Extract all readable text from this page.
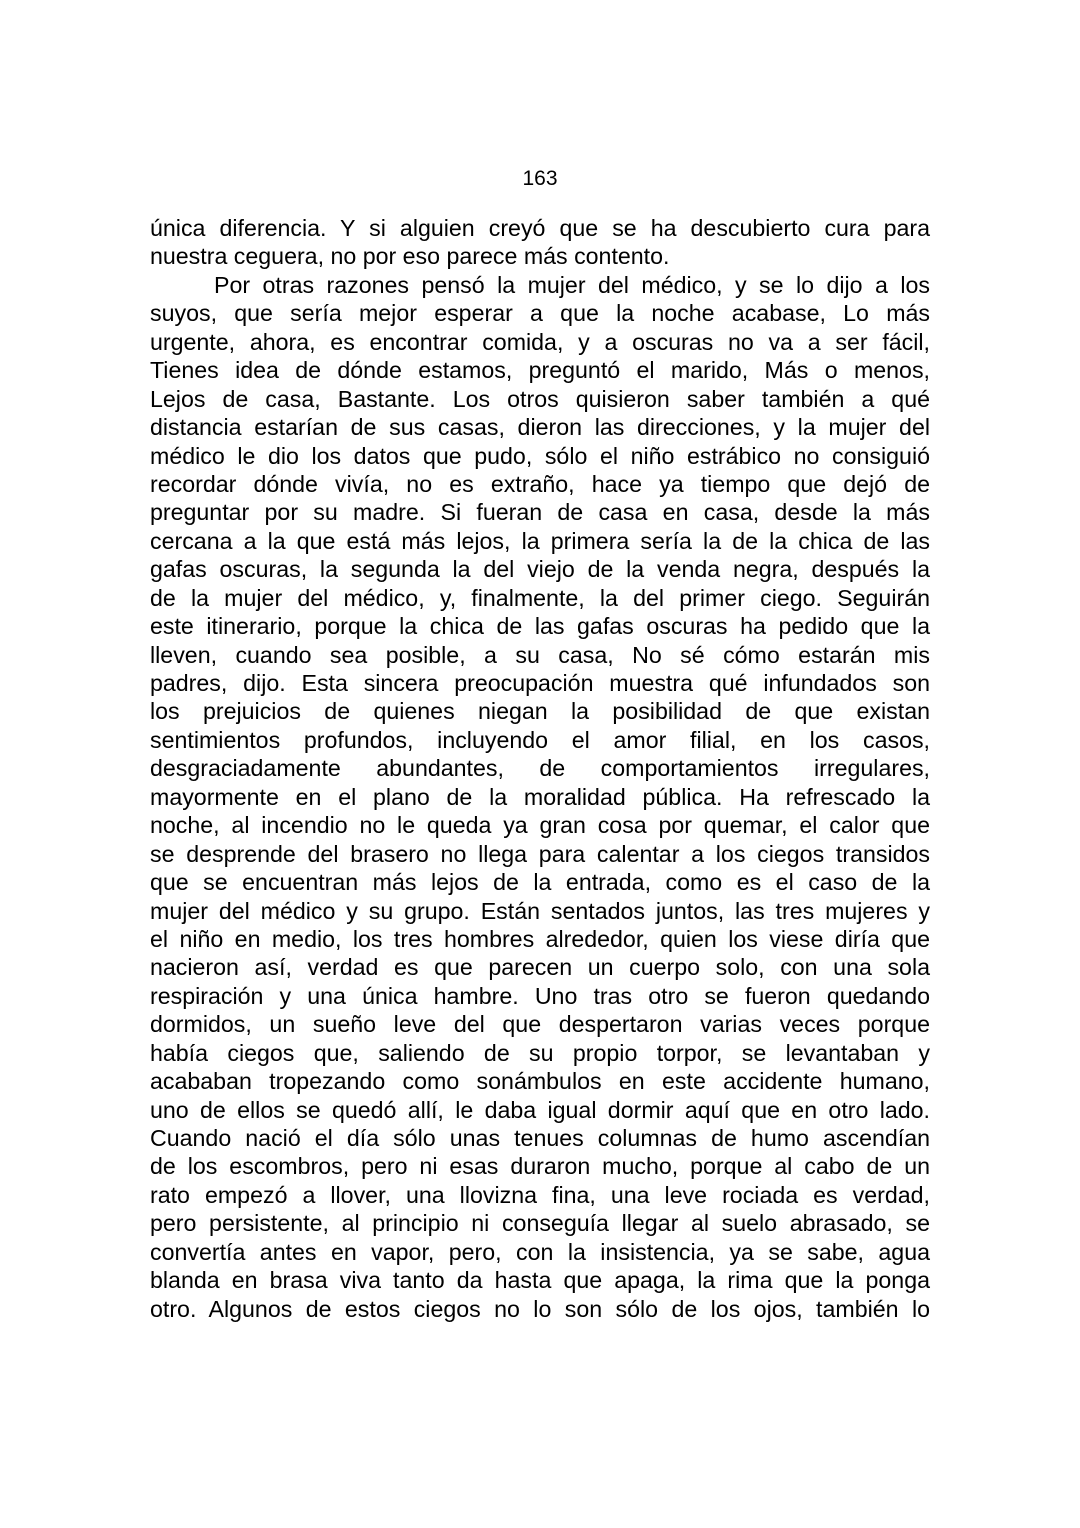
163
única diferencia. Y si alguien creyó que se ha descubierto cura para
nuestra ceguera, no por eso parece más contento.
Por otras razones pensó la mujer del médico, y se lo dijo a los
suyos, que sería mejor esperar a que la noche acabase, Lo más
urgente, ahora, es encontrar comida, y a oscuras no va a ser fácil,
Tienes idea de dónde estamos, preguntó el marido, Más o menos,
Lejos de casa, Bastante. Los otros quisieron saber también a qué
distancia estarían de sus casas, dieron las direcciones, y la mujer del
médico le dio los datos que pudo, sólo el niño estrábico no consiguió
recordar dónde vivía, no es extraño, hace ya tiempo que dejó de
preguntar por su madre. Si fueran de casa en casa, desde la más
cercana a la que está más lejos, la primera sería la de la chica de las
gafas oscuras, la segunda la del viejo de la venda negra, después la
de la mujer del médico, y, finalmente, la del primer ciego. Seguirán
este itinerario, porque la chica de las gafas oscuras ha pedido que la
lleven, cuando sea posible, a su casa, No sé cómo estarán mis
padres, dijo. Esta sincera preocupación muestra qué infundados son
los prejuicios de quienes niegan la posibilidad de que existan
sentimientos profundos, incluyendo el amor filial, en los casos,
desgraciadamente abundantes, de comportamientos irregulares,
mayormente en el plano de la moralidad pública. Ha refrescado la
noche, al incendio no le queda ya gran cosa por quemar, el calor que
se desprende del brasero no llega para calentar a los ciegos transidos
que se encuentran más lejos de la entrada, como es el caso de la
mujer del médico y su grupo. Están sentados juntos, las tres mujeres y
el niño en medio, los tres hombres alrededor, quien los viese diría que
nacieron así, verdad es que parecen un cuerpo solo, con una sola
respiración y una única hambre. Uno tras otro se fueron quedando
dormidos, un sueño leve del que despertaron varias veces porque
había ciegos que, saliendo de su propio torpor, se levantaban y
acababan tropezando como sonámbulos en este accidente humano,
uno de ellos se quedó allí, le daba igual dormir aquí que en otro lado.
Cuando nació el día sólo unas tenues columnas de humo ascendían
de los escombros, pero ni esas duraron mucho, porque al cabo de un
rato empezó a llover, una llovizna fina, una leve rociada es verdad,
pero persistente, al principio ni conseguía llegar al suelo abrasado, se
convertía antes en vapor, pero, con la insistencia, ya se sabe, agua
blanda en brasa viva tanto da hasta que apaga, la rima que la ponga
otro. Algunos de estos ciegos no lo son sólo de los ojos, también lo
